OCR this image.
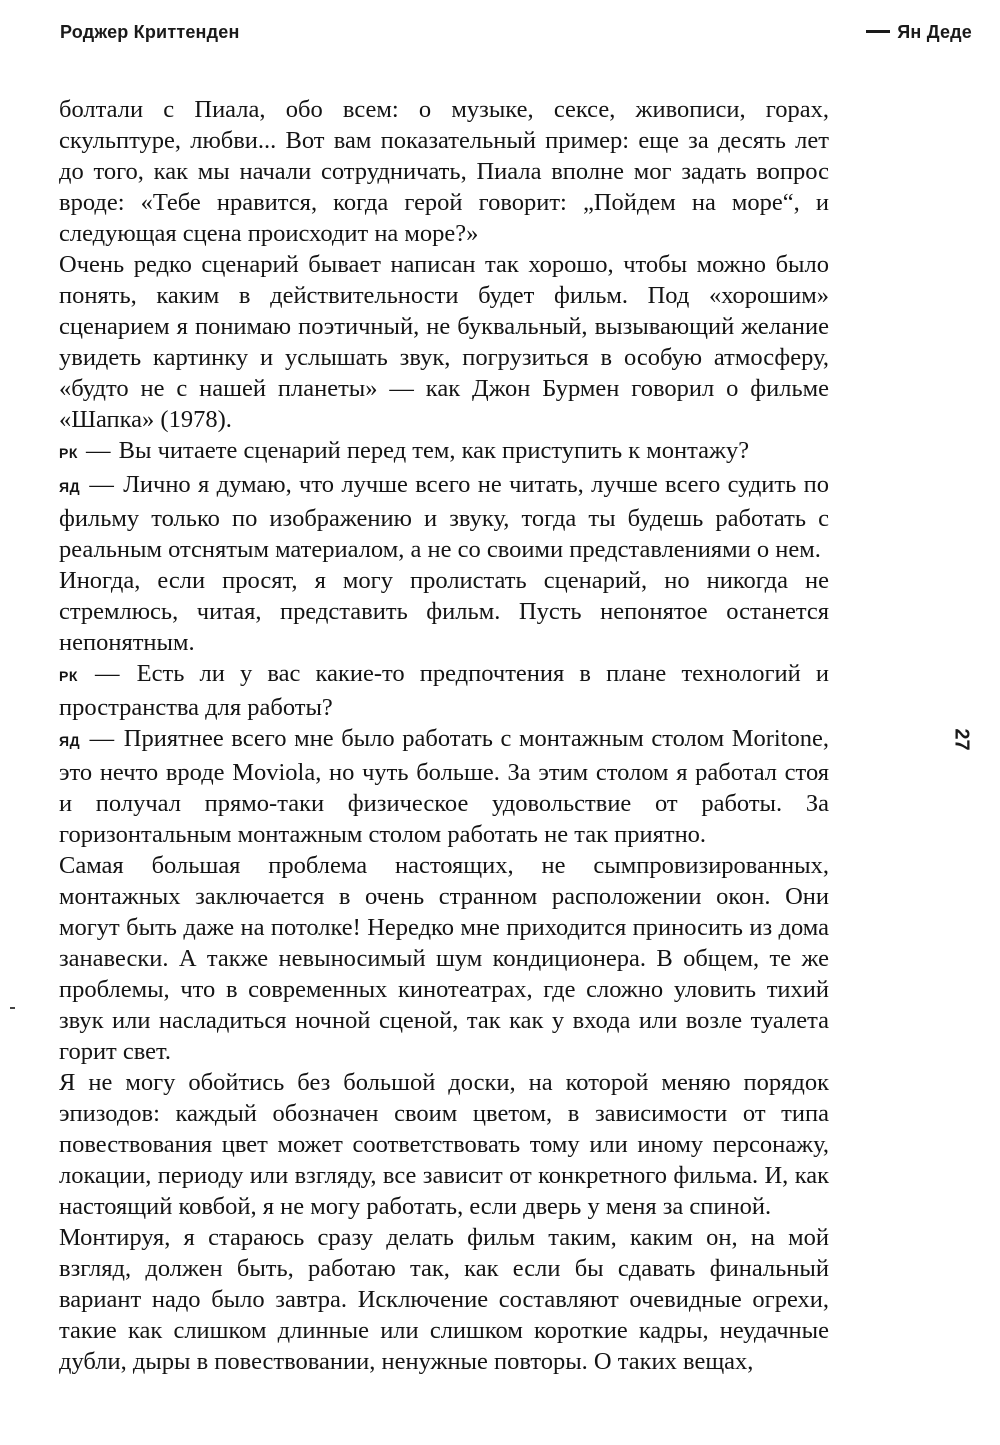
Роджер Криттенден	Ян Деде

болтали с Пиала, обо всем: о музыке, сексе, живописи, горах, скульптуре, любви... Вот вам показательный пример: еще за десять лет до того, как мы начали сотрудничать, Пиала вполне мог задать вопрос вроде: «Тебе нравится, когда герой говорит: „Пойдем на море“, и следующая сцена происходит на море?»

Очень редко сценарий бывает написан так хорошо, чтобы можно было понять, каким в действительности будет фильм. Под «хорошим» сценарием я понимаю поэтичный, не буквальный, вызывающий желание увидеть картинку и услышать звук, погрузиться в особую атмосферу, «будто не с нашей планеты» — как Джон Бурмен говорил о фильме «Шапка» (1978).

РК — Вы читаете сценарий перед тем, как приступить к монтажу?

ЯД — Лично я думаю, что лучше всего не читать, лучше всего судить по фильму только по изображению и звуку, тогда ты будешь работать с реальным отснятым материалом, а не со своими представлениями о нем.

Иногда, если просят, я могу пролистать сценарий, но никогда не стремлюсь, читая, представить фильм. Пусть непонятое останется непонятным.

РК — Есть ли у вас какие-то предпочтения в плане технологий и пространства для работы?

ЯД — Приятнее всего мне было работать с монтажным столом Moritone, это нечто вроде Moviola, но чуть больше. За этим столом я работал стоя и получал прямо-таки физическое удовольствие от работы. За горизонтальным монтажным столом работать не так приятно.

Самая большая проблема настоящих, не сымпровизированных, монтажных заключается в очень странном расположении окон. Они могут быть даже на потолке! Нередко мне приходится приносить из дома занавески. А также невыносимый шум кондиционера. В общем, те же проблемы, что в современных кинотеатрах, где сложно уловить тихий звук или насладиться ночной сценой, так как у входа или возле туалета горит свет.

Я не могу обойтись без большой доски, на которой меняю порядок эпизодов: каждый обозначен своим цветом, в зависимости от типа повествования цвет может соответствовать тому или иному персонажу, локации, периоду или взгляду, все зависит от конкретного фильма. И, как настоящий ковбой, я не могу работать, если дверь у меня за спиной.

Монтируя, я стараюсь сразу делать фильм таким, каким он, на мой взгляд, должен быть, работаю так, как если бы сдавать финальный вариант надо было завтра. Исключение составляют очевидные огрехи, такие как слишком длинные или слишком короткие кадры, неудачные дубли, дыры в повествовании, ненужные повторы. О таких вещах,

27
